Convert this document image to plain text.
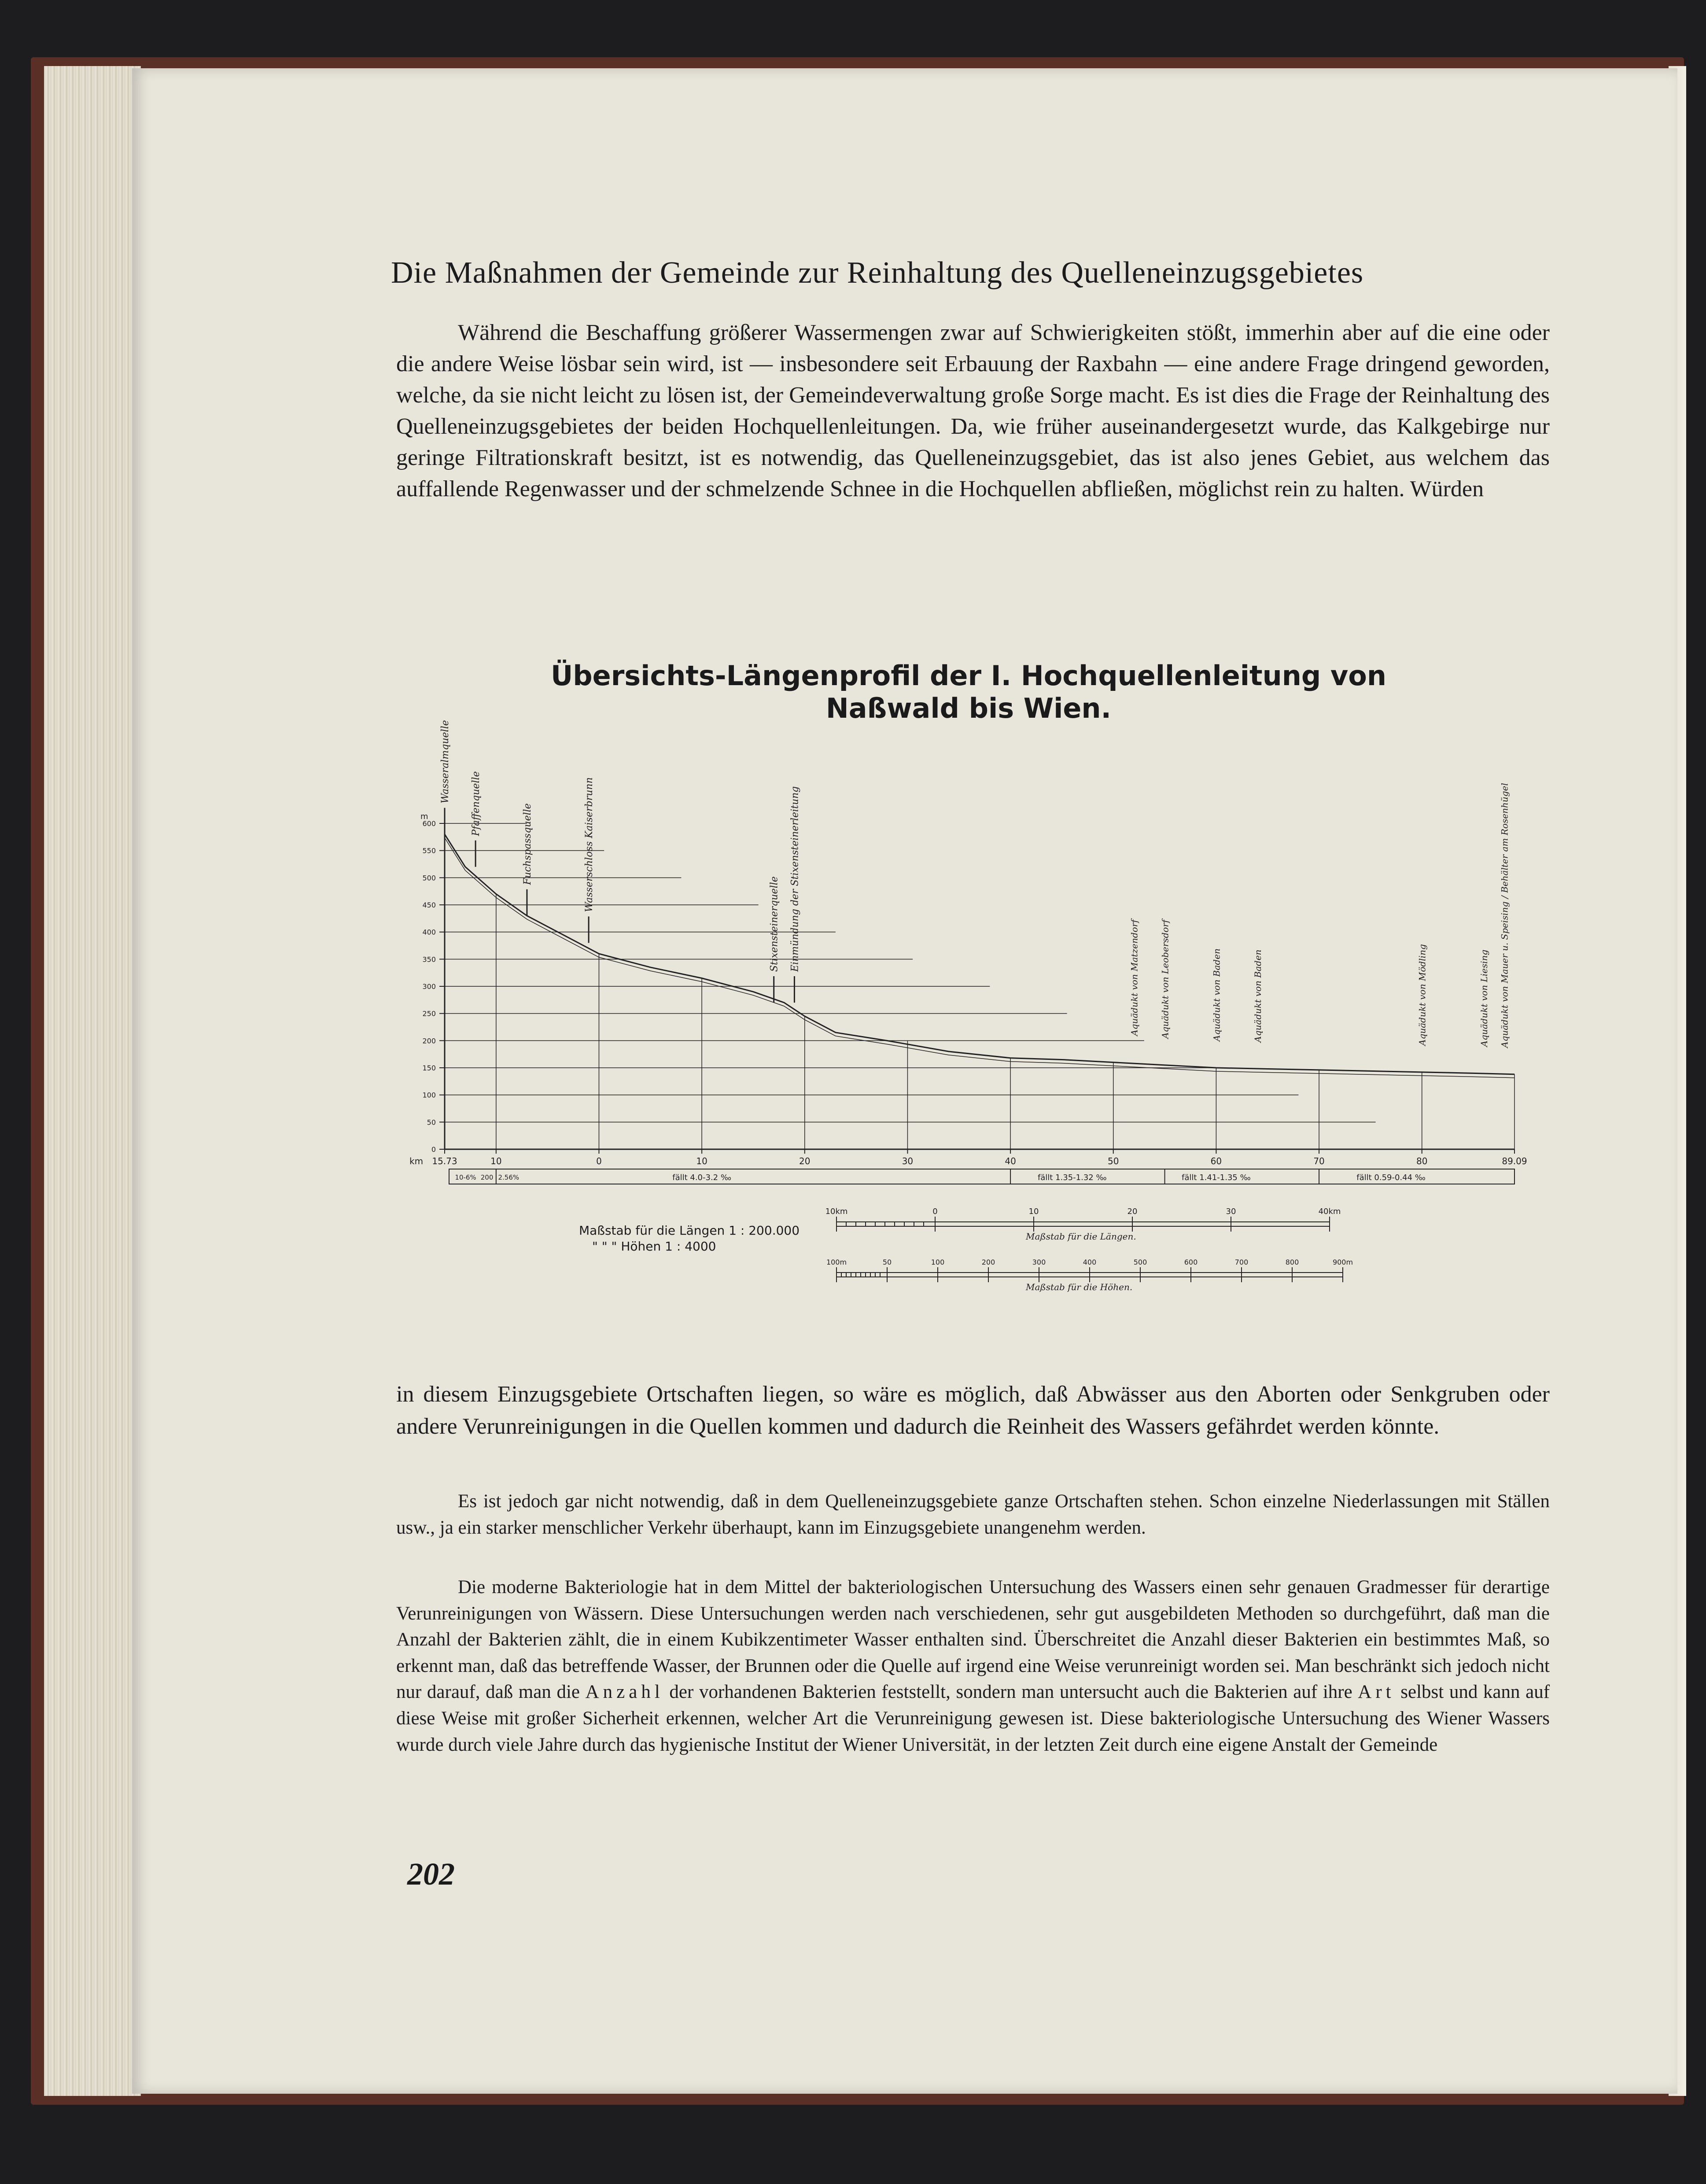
Die Maßnahmen der Gemeinde zur Reinhaltung des Quelleneinzugsgebietes

Während die Beschaffung größerer Wassermengen zwar auf Schwierigkeiten stößt, immerhin aber auf die eine oder die andere Weise lösbar sein wird, ist — insbesondere seit Erbauung der Raxbahn — eine andere Frage dringend geworden, welche, da sie nicht leicht zu lösen ist, der Gemeindeverwaltung große Sorge macht. Es ist dies die Frage der Reinhaltung des Quelleneinzugsgebietes der beiden Hochquellenleitungen. Da, wie früher auseinandergesetzt wurde, das Kalkgebirge nur geringe Filtrationskraft besitzt, ist es notwendig, das Quelleneinzugsgebiet, das ist also jenes Gebiet, aus welchem das auffallende Regenwasser und der schmelzende Schnee in die Hochquellen abfließen, möglichst rein zu halten. Würden

Übersichts-Längenprofil der I. Hochquellenleitung von
Naßwald bis Wien.
0
50
100
150
200
250
300
350
400
450
500
550
600
m
15.73	10	0	10	20	30	40	50	60	70	80	89.09
km
Wasseralmquelle
Pfaffenquelle	Fuchspassquelle	Wasserschloss Kaiserbrunn
Stixensteinerquelle Einmündung der Stixensteinerleitung
Aquädukt von Matzendorf Aquädukt von Leobersdorf	Aquädukt von Baden	Aquädukt von Baden	Aquädukt von Mödling	Aquädukt von Liesing Aquädukt von Mauer u. Speising / Behälter am Rosenhügel
10-6% 200 2.56%	fällt 4.0-3.2 ‰	fällt 1.35-1.32 ‰	fällt 1.41-1.35 ‰	fällt 0.59-0.44 ‰
10km	0	10	20	30	40km
Maßstab für die Längen.
100m	50	100	200	300	400	500	600	700	800	900m
Maßstab für die Höhen.
Maßstab für die Längen 1 : 200.000
" " " Höhen 1 : 4000

in diesem Einzugsgebiete Ortschaften liegen, so wäre es möglich, daß Abwässer aus den Aborten oder Senkgruben oder andere Verunreinigungen in die Quellen kommen und dadurch die Reinheit des Wassers gefährdet werden könnte.

Es ist jedoch gar nicht notwendig, daß in dem Quelleneinzugsgebiete ganze Ortschaften stehen. Schon einzelne Niederlassungen mit Ställen usw., ja ein starker menschlicher Verkehr überhaupt, kann im Einzugsgebiete unangenehm werden.

Die moderne Bakteriologie hat in dem Mittel der bakteriologischen Untersuchung des Wassers einen sehr genauen Gradmesser für derartige Verunreinigungen von Wässern. Diese Untersuchungen werden nach verschiedenen, sehr gut ausgebildeten Methoden so durchgeführt, daß man die Anzahl der Bakterien zählt, die in einem Kubikzentimeter Wasser enthalten sind. Überschreitet die Anzahl dieser Bakterien ein bestimmtes Maß, so erkennt man, daß das betreffende Wasser, der Brunnen oder die Quelle auf irgend eine Weise verunreinigt worden sei. Man beschränkt sich jedoch nicht nur darauf, daß man die Anzahl der vorhandenen Bakterien feststellt, sondern man untersucht auch die Bakterien auf ihre Art selbst und kann auf diese Weise mit großer Sicherheit erkennen, welcher Art die Verunreinigung gewesen ist. Diese bakteriologische Untersuchung des Wiener Wassers wurde durch viele Jahre durch das hygienische Institut der Wiener Universität, in der letzten Zeit durch eine eigene Anstalt der Gemeinde

202
